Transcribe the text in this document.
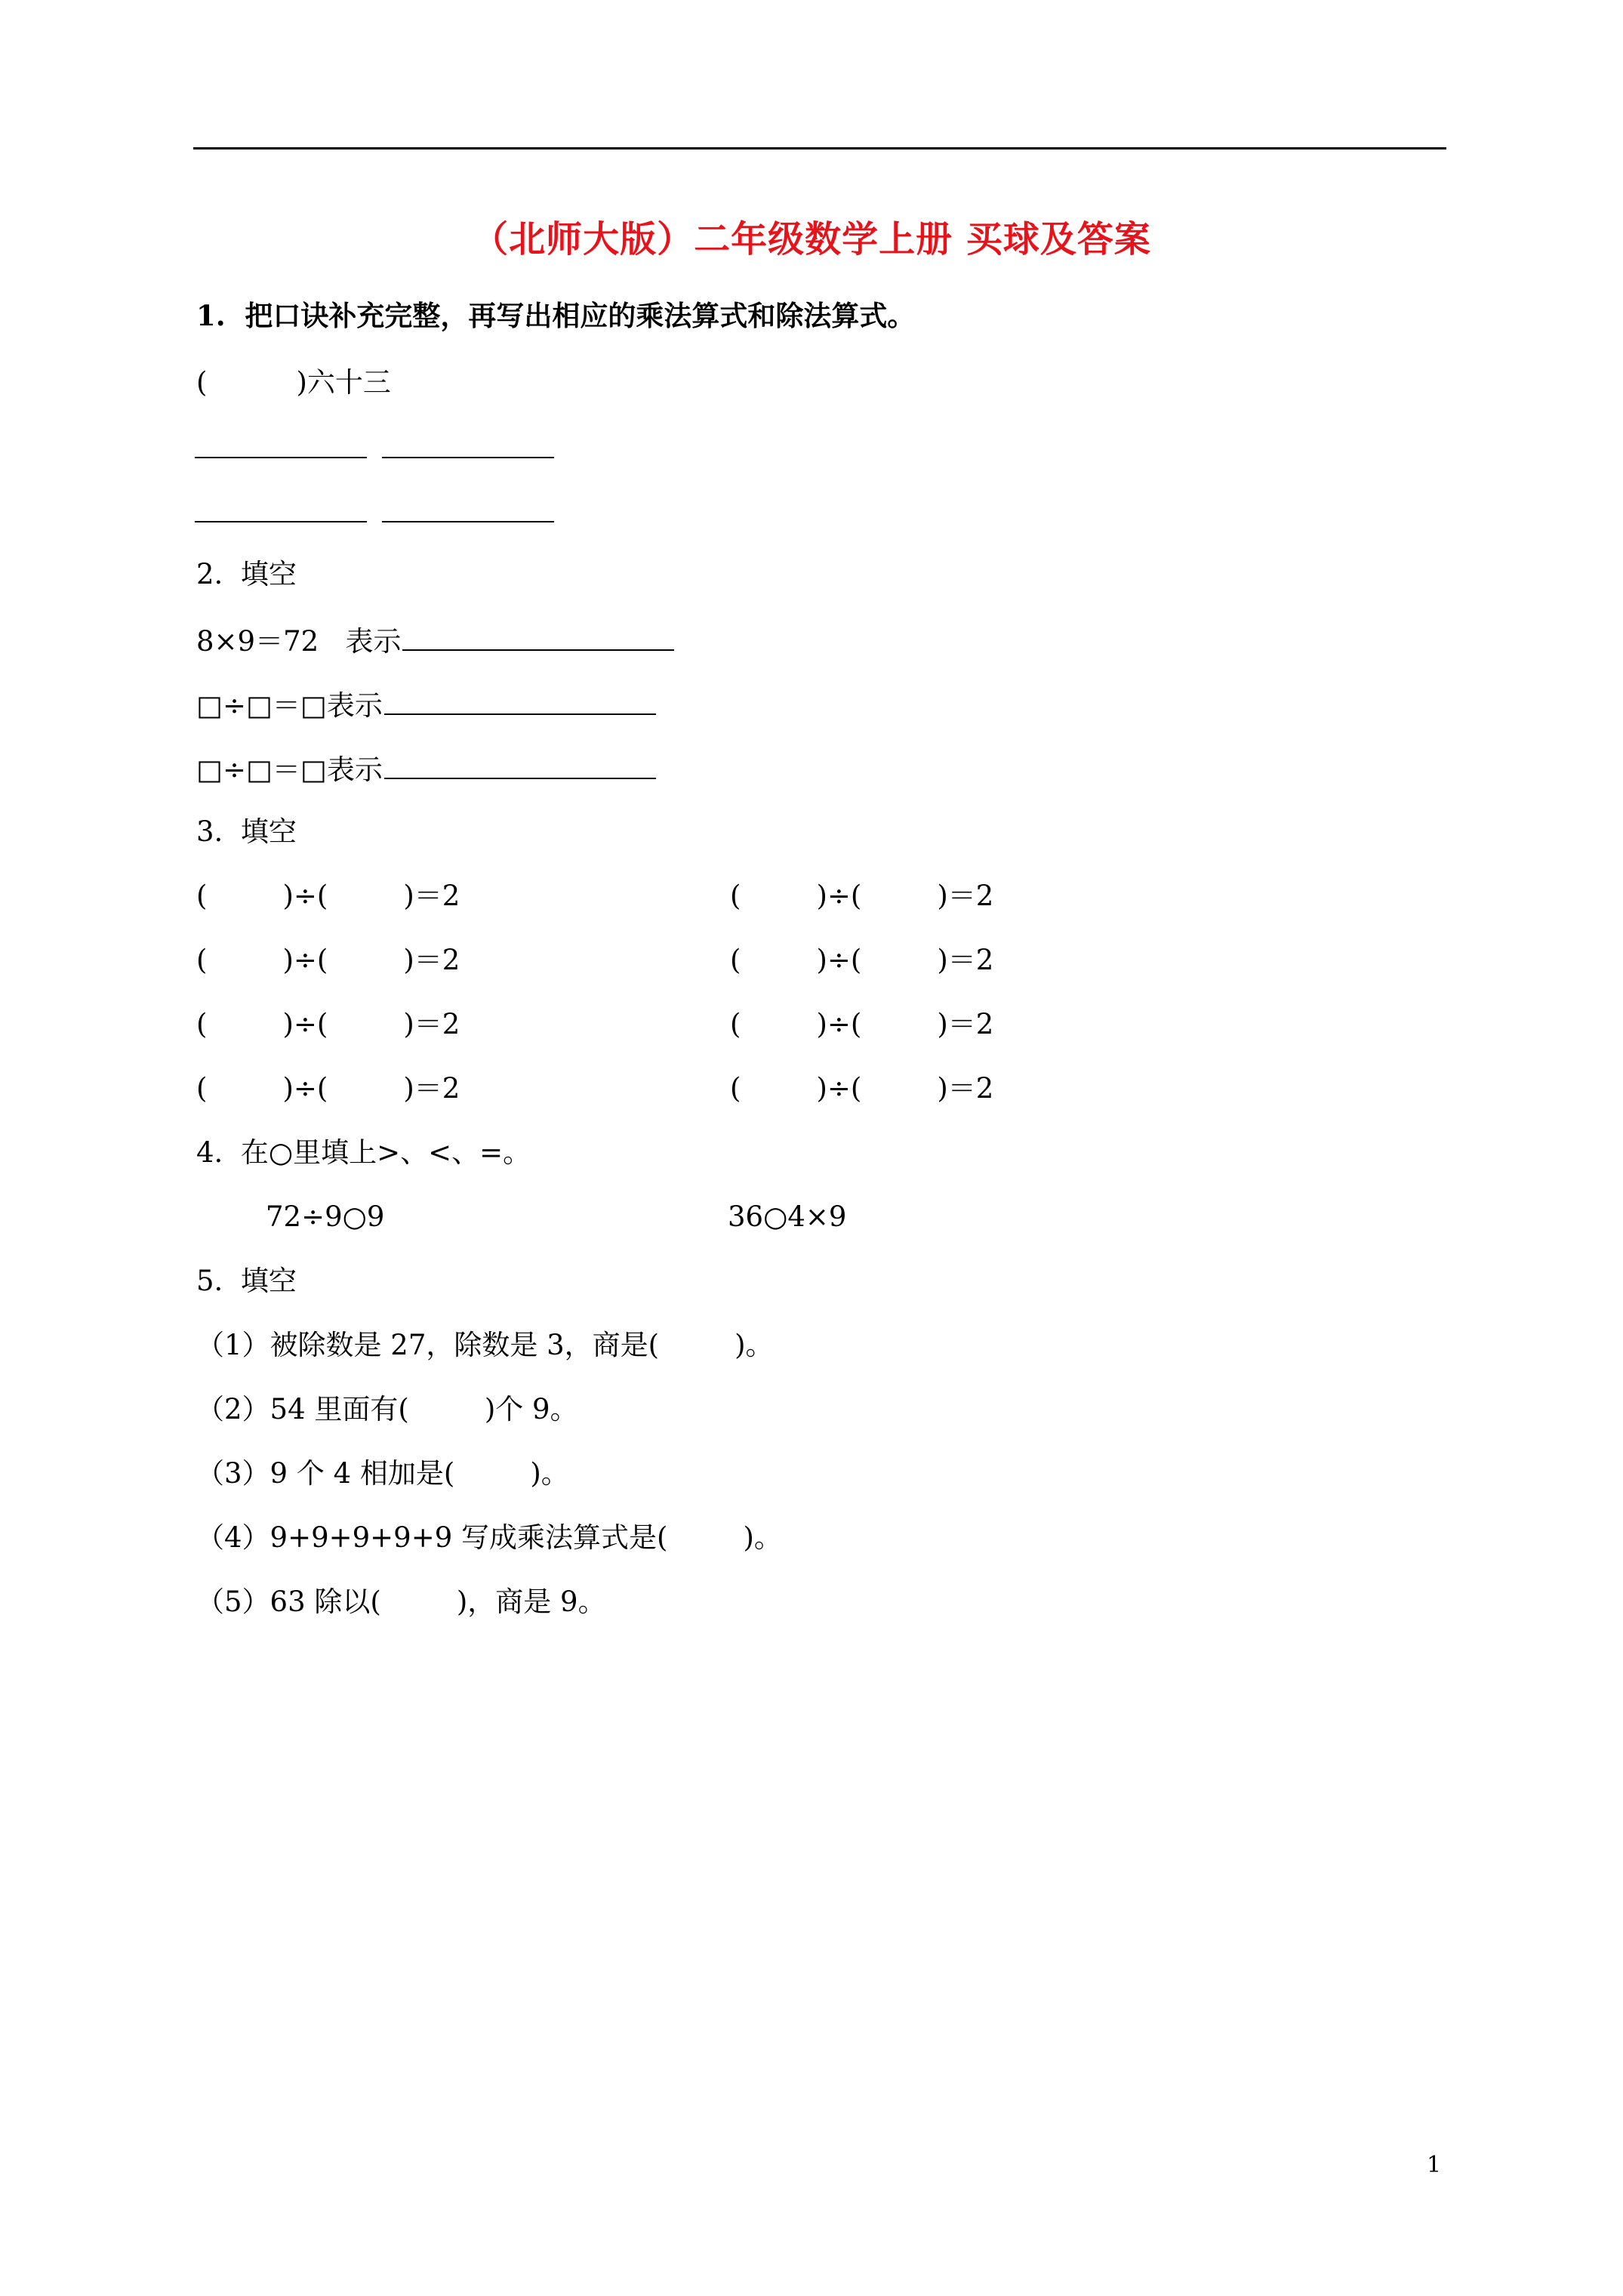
（北师大版）二年级数学上册 买球及答案
1.  把口诀补充完整，再写出相应的乘法算式和除法算式。
(	)六十三
2.  填空
8×9＝72   表示
□÷□＝□表示
□÷□＝□表示
3.  填空
(	)÷(	)＝2	(	)÷(	)＝2
(	)÷(	)＝2	(	)÷(	)＝2
(	)÷(	)＝2	(	)÷(	)＝2
(	)÷(	)＝2	(	)÷(	)＝2
4.  在○里填上>、<、=。
72÷9○9	36○4×9
5.  填空
（1）被除数是 27，除数是 3，商是(	)。
（2）54 里面有(	)个 9。
（3）9 个 4 相加是(	)。
（4）9+9+9+9+9 写成乘法算式是(	)。
（5）63 除以(	)，商是 9。
1
